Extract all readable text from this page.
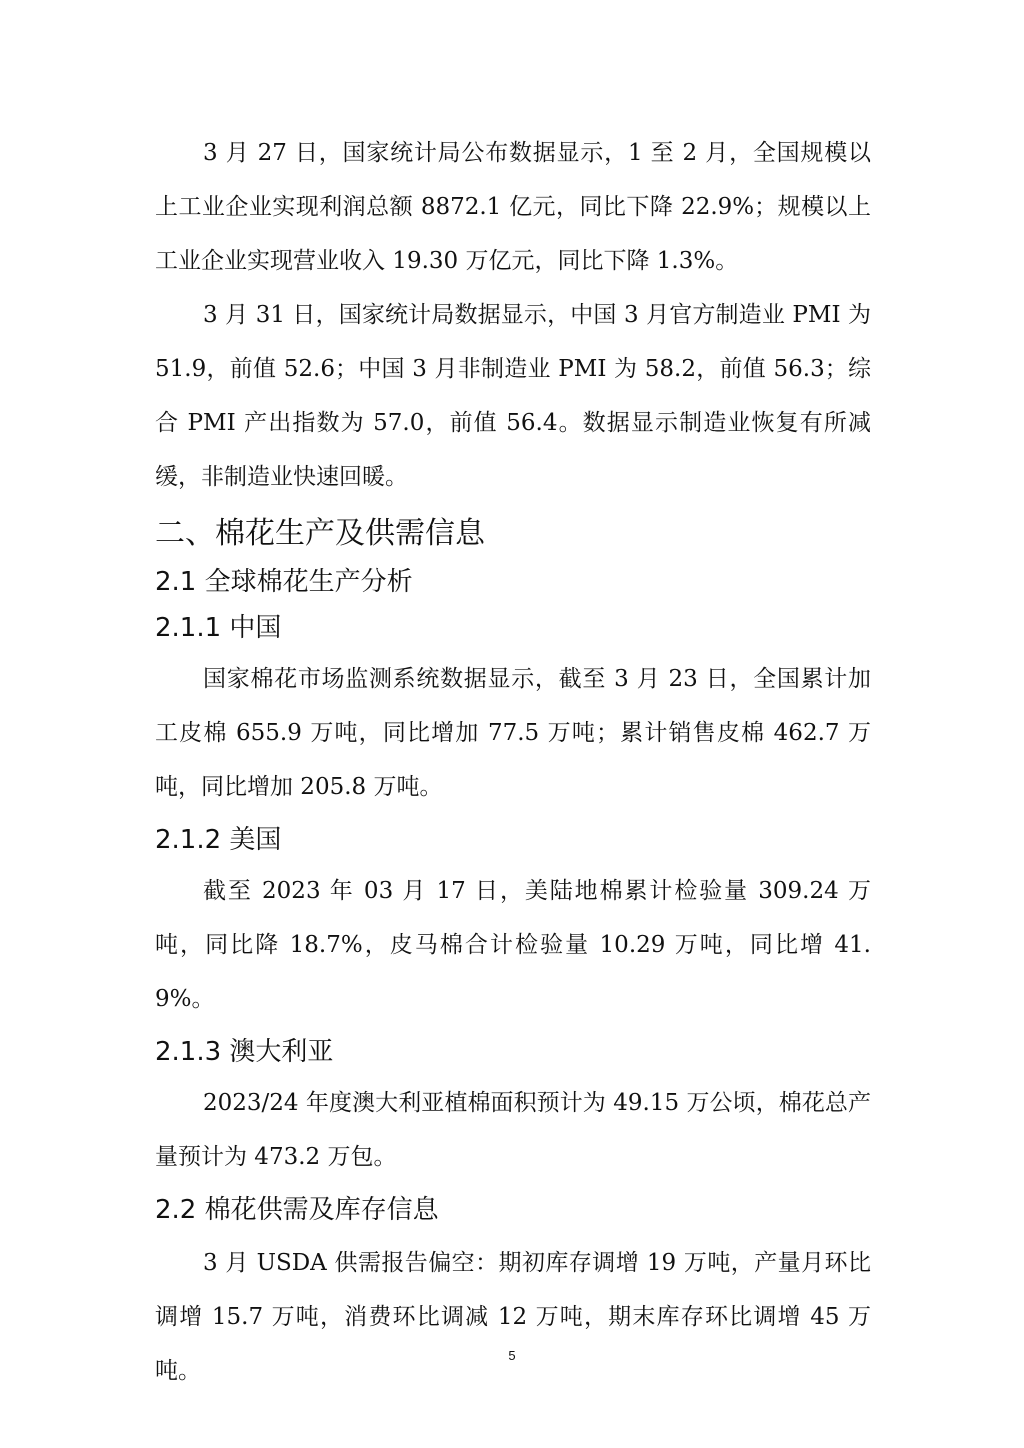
3 月 27 日，国家统计局公布数据显示，1 至 2 月，全国规模以上工业企业实现利润总额 8872.1 亿元，同比下降 22.9%；规模以上工业企业实现营业收入 19.30 万亿元，同比下降 1.3%。

3 月 31 日，国家统计局数据显示，中国 3 月官方制造业 PMI 为 51.9，前值 52.6；中国 3 月非制造业 PMI 为 58.2，前值 56.3；综合 PMI 产出指数为 57.0，前值 56.4。数据显示制造业恢复有所减缓，非制造业快速回暖。

二、棉花生产及供需信息
2.1 全球棉花生产分析
2.1.1 中国

国家棉花市场监测系统数据显示，截至 3 月 23 日，全国累计加工皮棉 655.9 万吨，同比增加 77.5 万吨；累计销售皮棉 462.7 万吨，同比增加 205.8 万吨。

2.1.2 美国

截至 2023 年 03 月 17 日，美陆地棉累计检验量 309.24 万吨，同比降 18.7%，皮马棉合计检验量 10.29 万吨，同比增 41.9%。

2.1.3 澳大利亚

2023/24 年度澳大利亚植棉面积预计为 49.15 万公顷，棉花总产量预计为 473.2 万包。

2.2 棉花供需及库存信息

3 月 USDA 供需报告偏空：期初库存调增 19 万吨，产量月环比调增 15.7 万吨，消费环比调减 12 万吨，期末库存环比调增 45 万吨。

5
